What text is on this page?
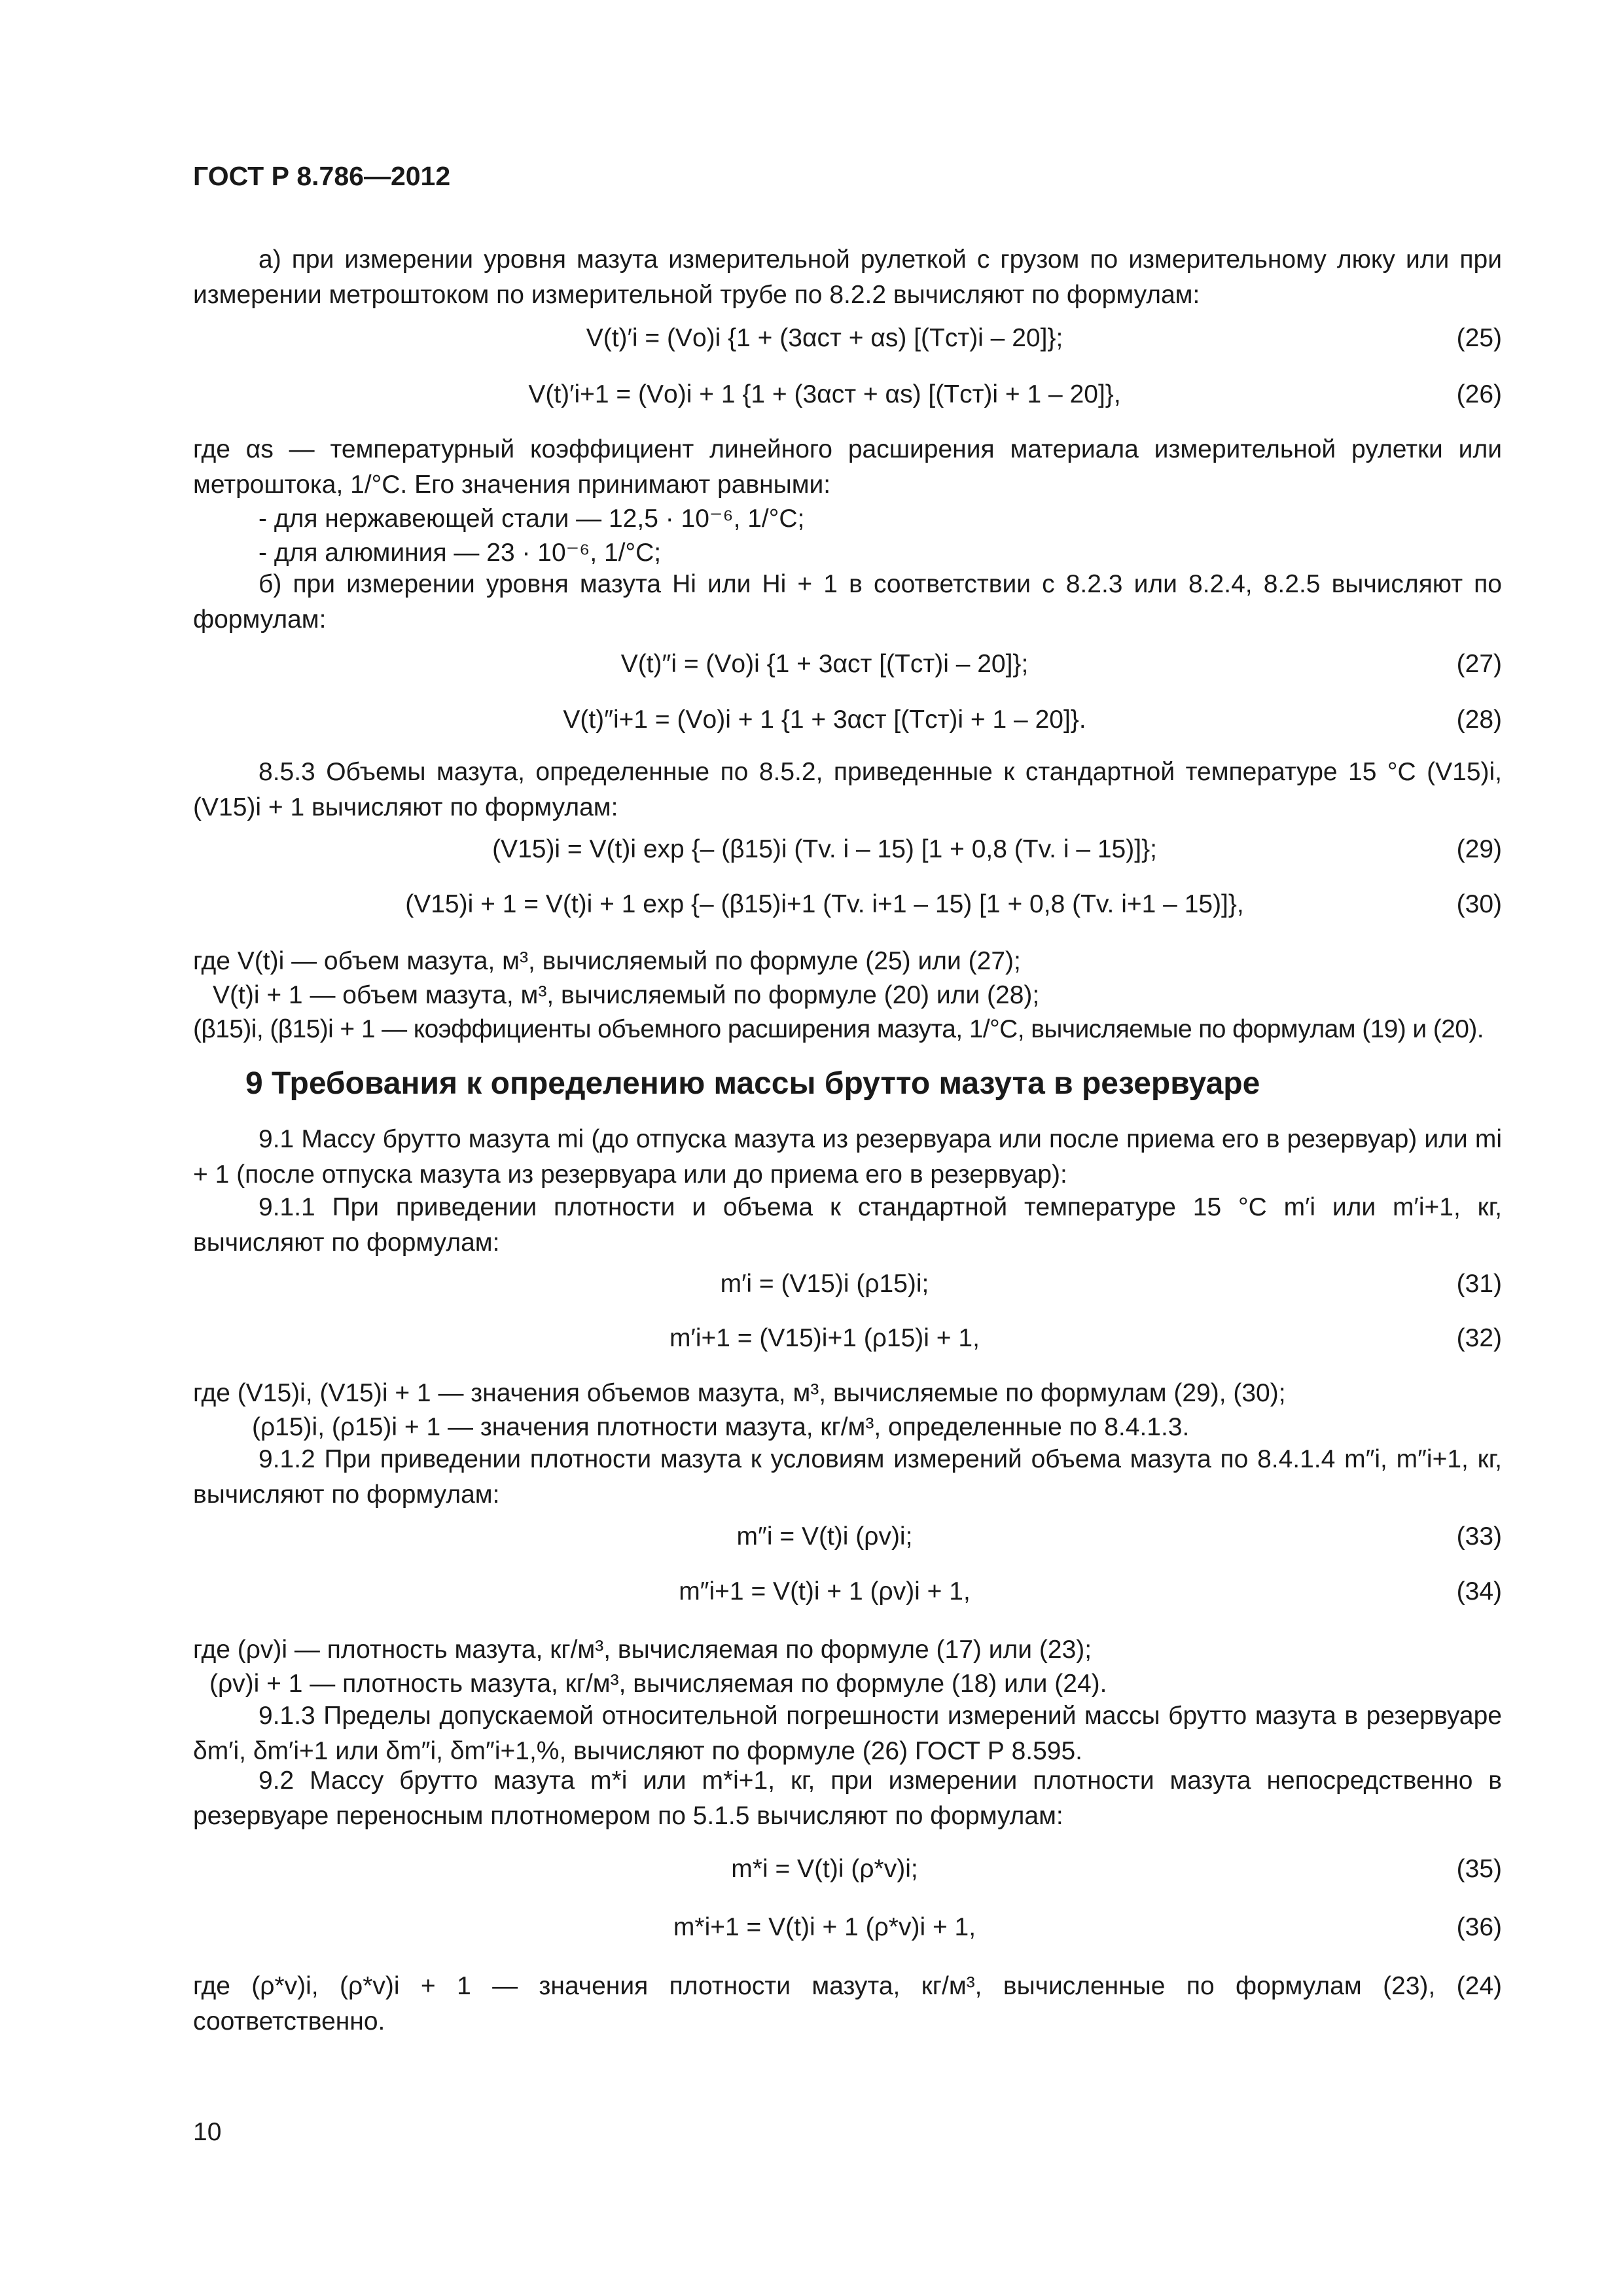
ГОСТ Р 8.786—2012
а) при измерении уровня мазута измерительной рулеткой с грузом по измерительному люку или при измерении метроштоком по измерительной трубе по 8.2.2 вычисляют по формулам:
V(t)′i = (Vо)i {1 + (3αст + αs) [(Tст)i – 20]};	(25)
V(t)′i+1 = (Vо)i + 1 {1 + (3αст + αs) [(Tст)i + 1 – 20]},	(26)
где αs — температурный коэффициент линейного расширения материала измерительной рулетки или метроштока, 1/°С. Его значения принимают равными:
- для нержавеющей стали — 12,5 · 10⁻⁶, 1/°С;
- для алюминия — 23 · 10⁻⁶, 1/°С;
б) при измерении уровня мазута Hi или Hi + 1 в соответствии с 8.2.3 или 8.2.4, 8.2.5 вычисляют по формулам:
V(t)″i = (Vо)i {1 + 3αст [(Tст)i – 20]};	(27)
V(t)″i+1 = (Vо)i + 1 {1 + 3αст [(Tст)i + 1 – 20]}.	(28)
8.5.3 Объемы мазута, определенные по 8.5.2, приведенные к стандартной температуре 15 °С (V15)i, (V15)i + 1 вычисляют по формулам:
(V15)i = V(t)i exp {– (β15)i (Tv. i – 15) [1 + 0,8 (Tv. i – 15)]};	(29)
(V15)i + 1 = V(t)i + 1 exp {– (β15)i+1 (Tv. i+1 – 15) [1 + 0,8 (Tv. i+1 – 15)]},	(30)
где V(t)i — объем мазута, м³, вычисляемый по формуле (25) или (27);
V(t)i + 1 — объем мазута, м³, вычисляемый по формуле (20) или (28);
(β15)i, (β15)i + 1 — коэффициенты объемного расширения мазута, 1/°С, вычисляемые по формулам (19) и (20).
9 Требования к определению массы брутто мазута в резервуаре
9.1 Массу брутто мазута mi (до отпуска мазута из резервуара или после приема его в резервуар) или mi + 1 (после отпуска мазута из резервуара или до приема его в резервуар):
9.1.1 При приведении плотности и объема к стандартной температуре 15 °С m′i или m′i+1, кг, вычисляют по формулам:
m′i = (V15)i (ρ15)i;	(31)
m′i+1 = (V15)i+1 (ρ15)i + 1,	(32)
где (V15)i, (V15)i + 1 — значения объемов мазута, м³, вычисляемые по формулам (29), (30);
(ρ15)i, (ρ15)i + 1 — значения плотности мазута, кг/м³, определенные по 8.4.1.3.
9.1.2 При приведении плотности мазута к условиям измерений объема мазута по 8.4.1.4 m″i, m″i+1, кг, вычисляют по формулам:
m″i = V(t)i (ρv)i;	(33)
m″i+1 = V(t)i + 1 (ρv)i + 1,	(34)
где (ρv)i — плотность мазута, кг/м³, вычисляемая по формуле (17) или (23);
(ρv)i + 1 — плотность мазута, кг/м³, вычисляемая по формуле (18) или (24).
9.1.3 Пределы допускаемой относительной погрешности измерений массы брутто мазута в резервуаре δm′i, δm′i+1 или δm″i, δm″i+1,%, вычисляют по формуле (26) ГОСТ Р 8.595.
9.2 Массу брутто мазута m*i или m*i+1, кг, при измерении плотности мазута непосредственно в резервуаре переносным плотномером по 5.1.5 вычисляют по формулам:
m*i = V(t)i (ρ*v)i;	(35)
m*i+1 = V(t)i + 1 (ρ*v)i + 1,	(36)
где (ρ*v)i, (ρ*v)i + 1 — значения плотности мазута, кг/м³, вычисленные по формулам (23), (24) соответственно.
10
